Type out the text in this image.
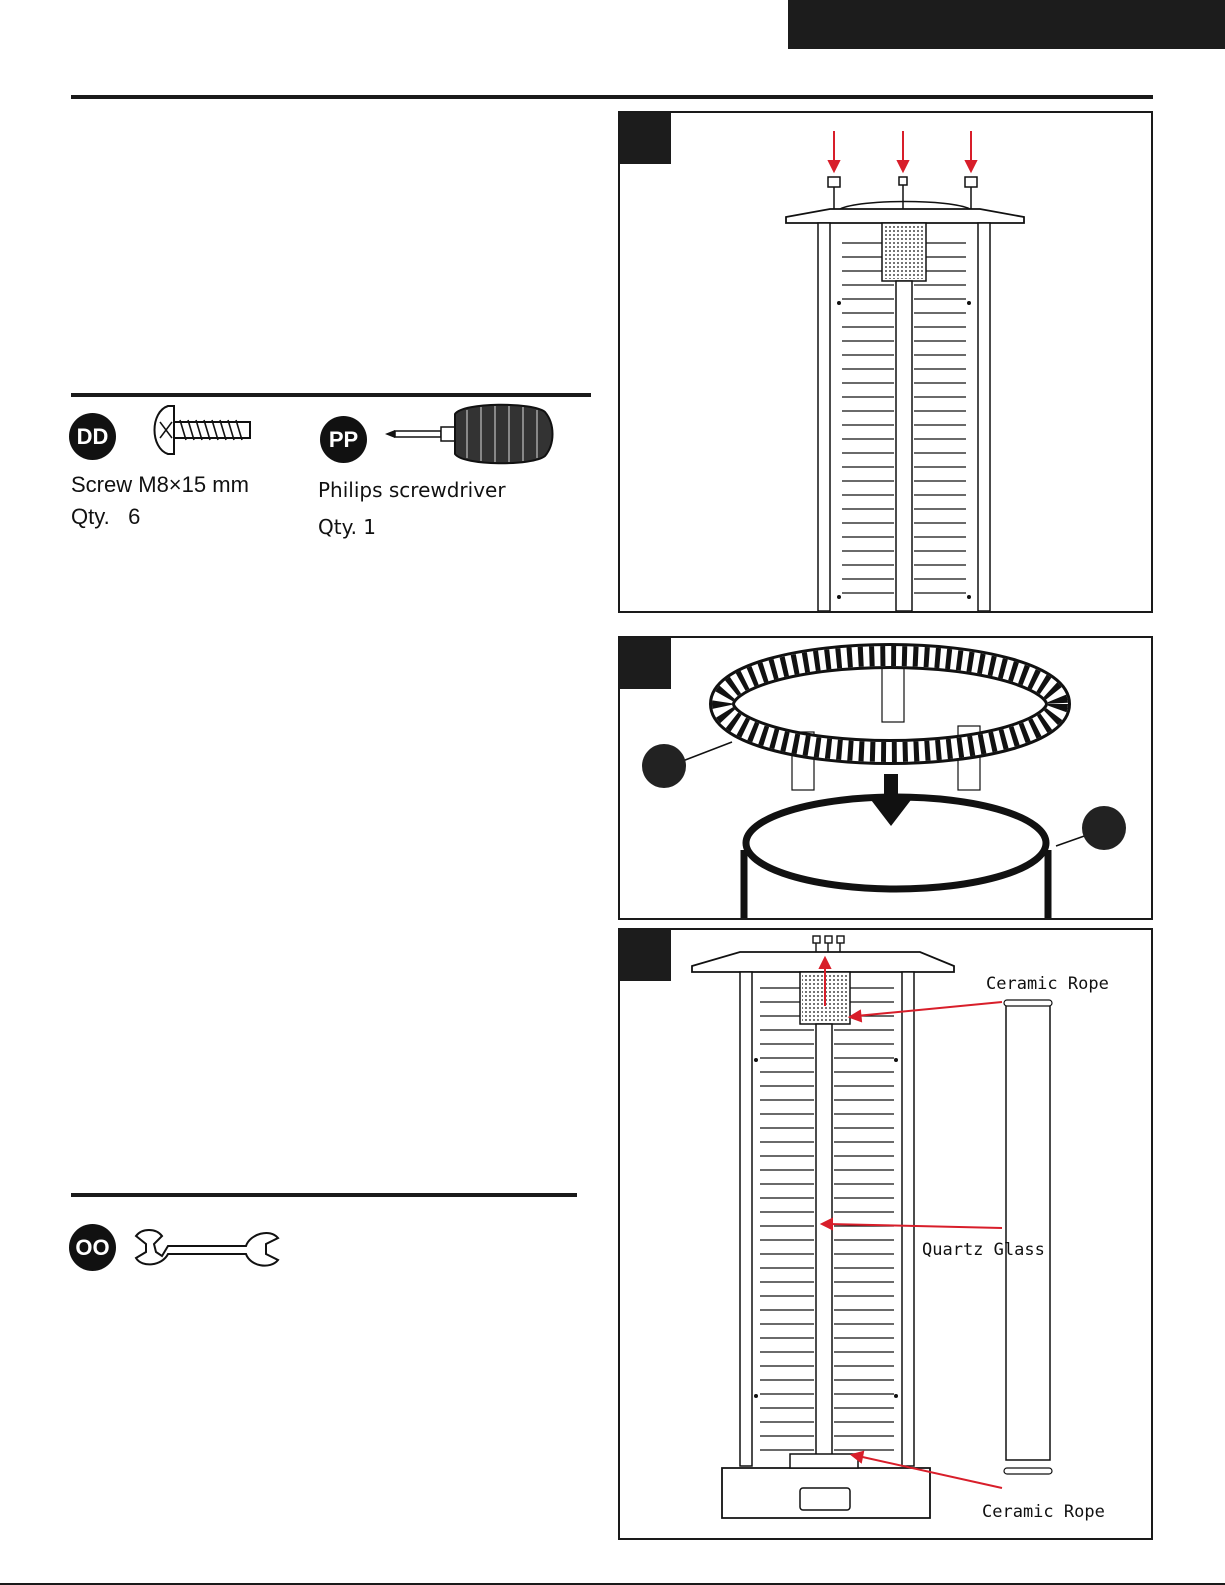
DD
Screw M8×15 mm
Qty. 6
PP
Philips screwdriver
Qty. 1
OO
Ceramic Rope
Quartz Glass
Ceramic Rope
